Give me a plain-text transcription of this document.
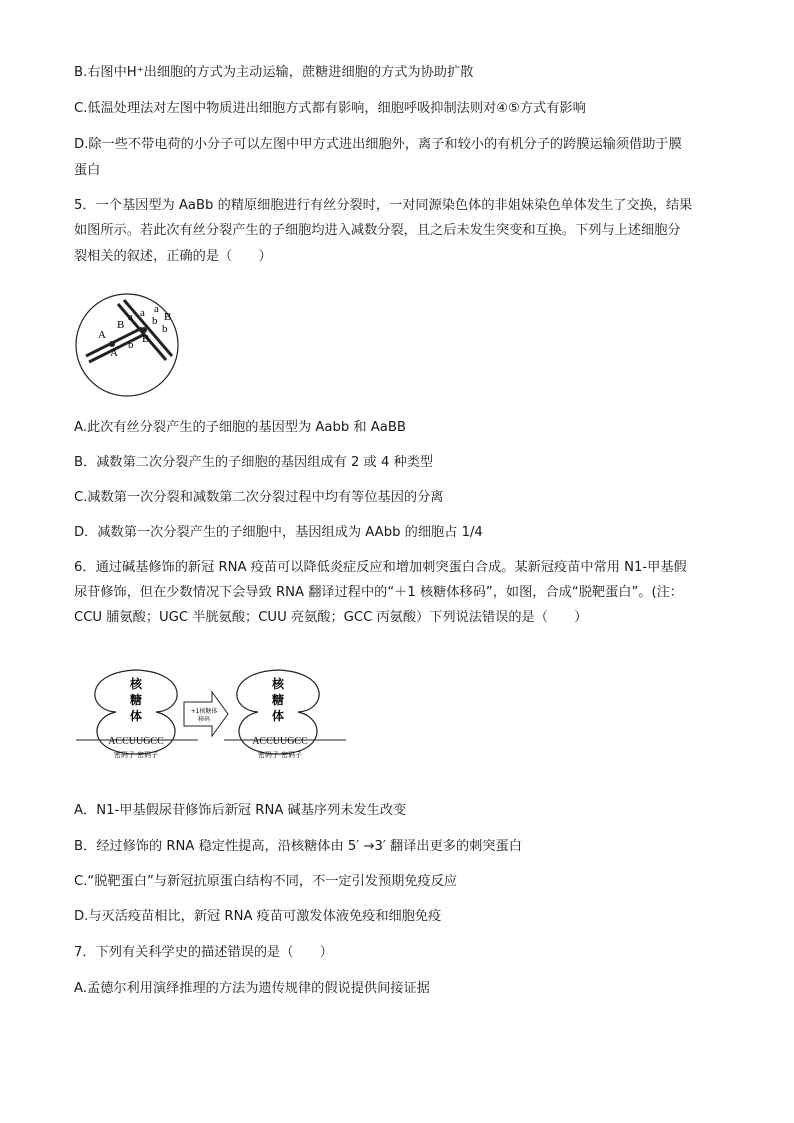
B.右图中H⁺出细胞的方式为主动运输，蔗糖进细胞的方式为协助扩散
C.低温处理法对左图中物质进出细胞方式都有影响，细胞呼吸抑制法则对④⑤方式有影响
D.除一些不带电荷的小分子可以左图中甲方式进出细胞外，离子和较小的有机分子的跨膜运输须借助于膜
蛋白
5．一个基因型为 AaBb 的精原细胞进行有丝分裂时，一对同源染色体的非姐妹染色单体发生了交换，结果
如图所示。若此次有丝分裂产生的子细胞均进入减数分裂，且之后未发生突变和互换。下列与上述细胞分
裂相关的叙述，正确的是（　　）
A
B
A
b
a
B
a
b
a
b
B
A.此次有丝分裂产生的子细胞的基因型为 Aabb 和 AaBB
B．减数第二次分裂产生的子细胞的基因组成有 2 或 4 种类型
C.减数第一次分裂和减数第二次分裂过程中均有等位基因的分离
D．减数第一次分裂产生的子细胞中，基因组成为 AAbb 的细胞占 1/4
6．通过碱基修饰的新冠 RNA 疫苗可以降低炎症反应和增加刺突蛋白合成。某新冠疫苗中常用 N1-甲基假
尿苷修饰，但在少数情况下会导致 RNA 翻译过程中的“＋1 核糖体移码”，如图，合成“脱靶蛋白”。(注：
CCU 脯氨酸；UGC 半胱氨酸；CUU 亮氨酸；GCC 丙氨酸）下列说法错误的是（　　）
核
糖
体
ACCUUGCC
密码子 密码子
+1核糖体
移码
核
糖
体
ACCUUGCC
密码子 密码子
A．N1-甲基假尿苷修饰后新冠 RNA 碱基序列未发生改变
B．经过修饰的 RNA 稳定性提高，沿核糖体由 5′ →3′ 翻译出更多的刺突蛋白
C.“脱靶蛋白”与新冠抗原蛋白结构不同，不一定引发预期免疫反应
D.与灭活疫苗相比，新冠 RNA 疫苗可激发体液免疫和细胞免疫
7．下列有关科学史的描述错误的是（　　）
A.孟德尔利用演绎推理的方法为遗传规律的假说提供间接证据
